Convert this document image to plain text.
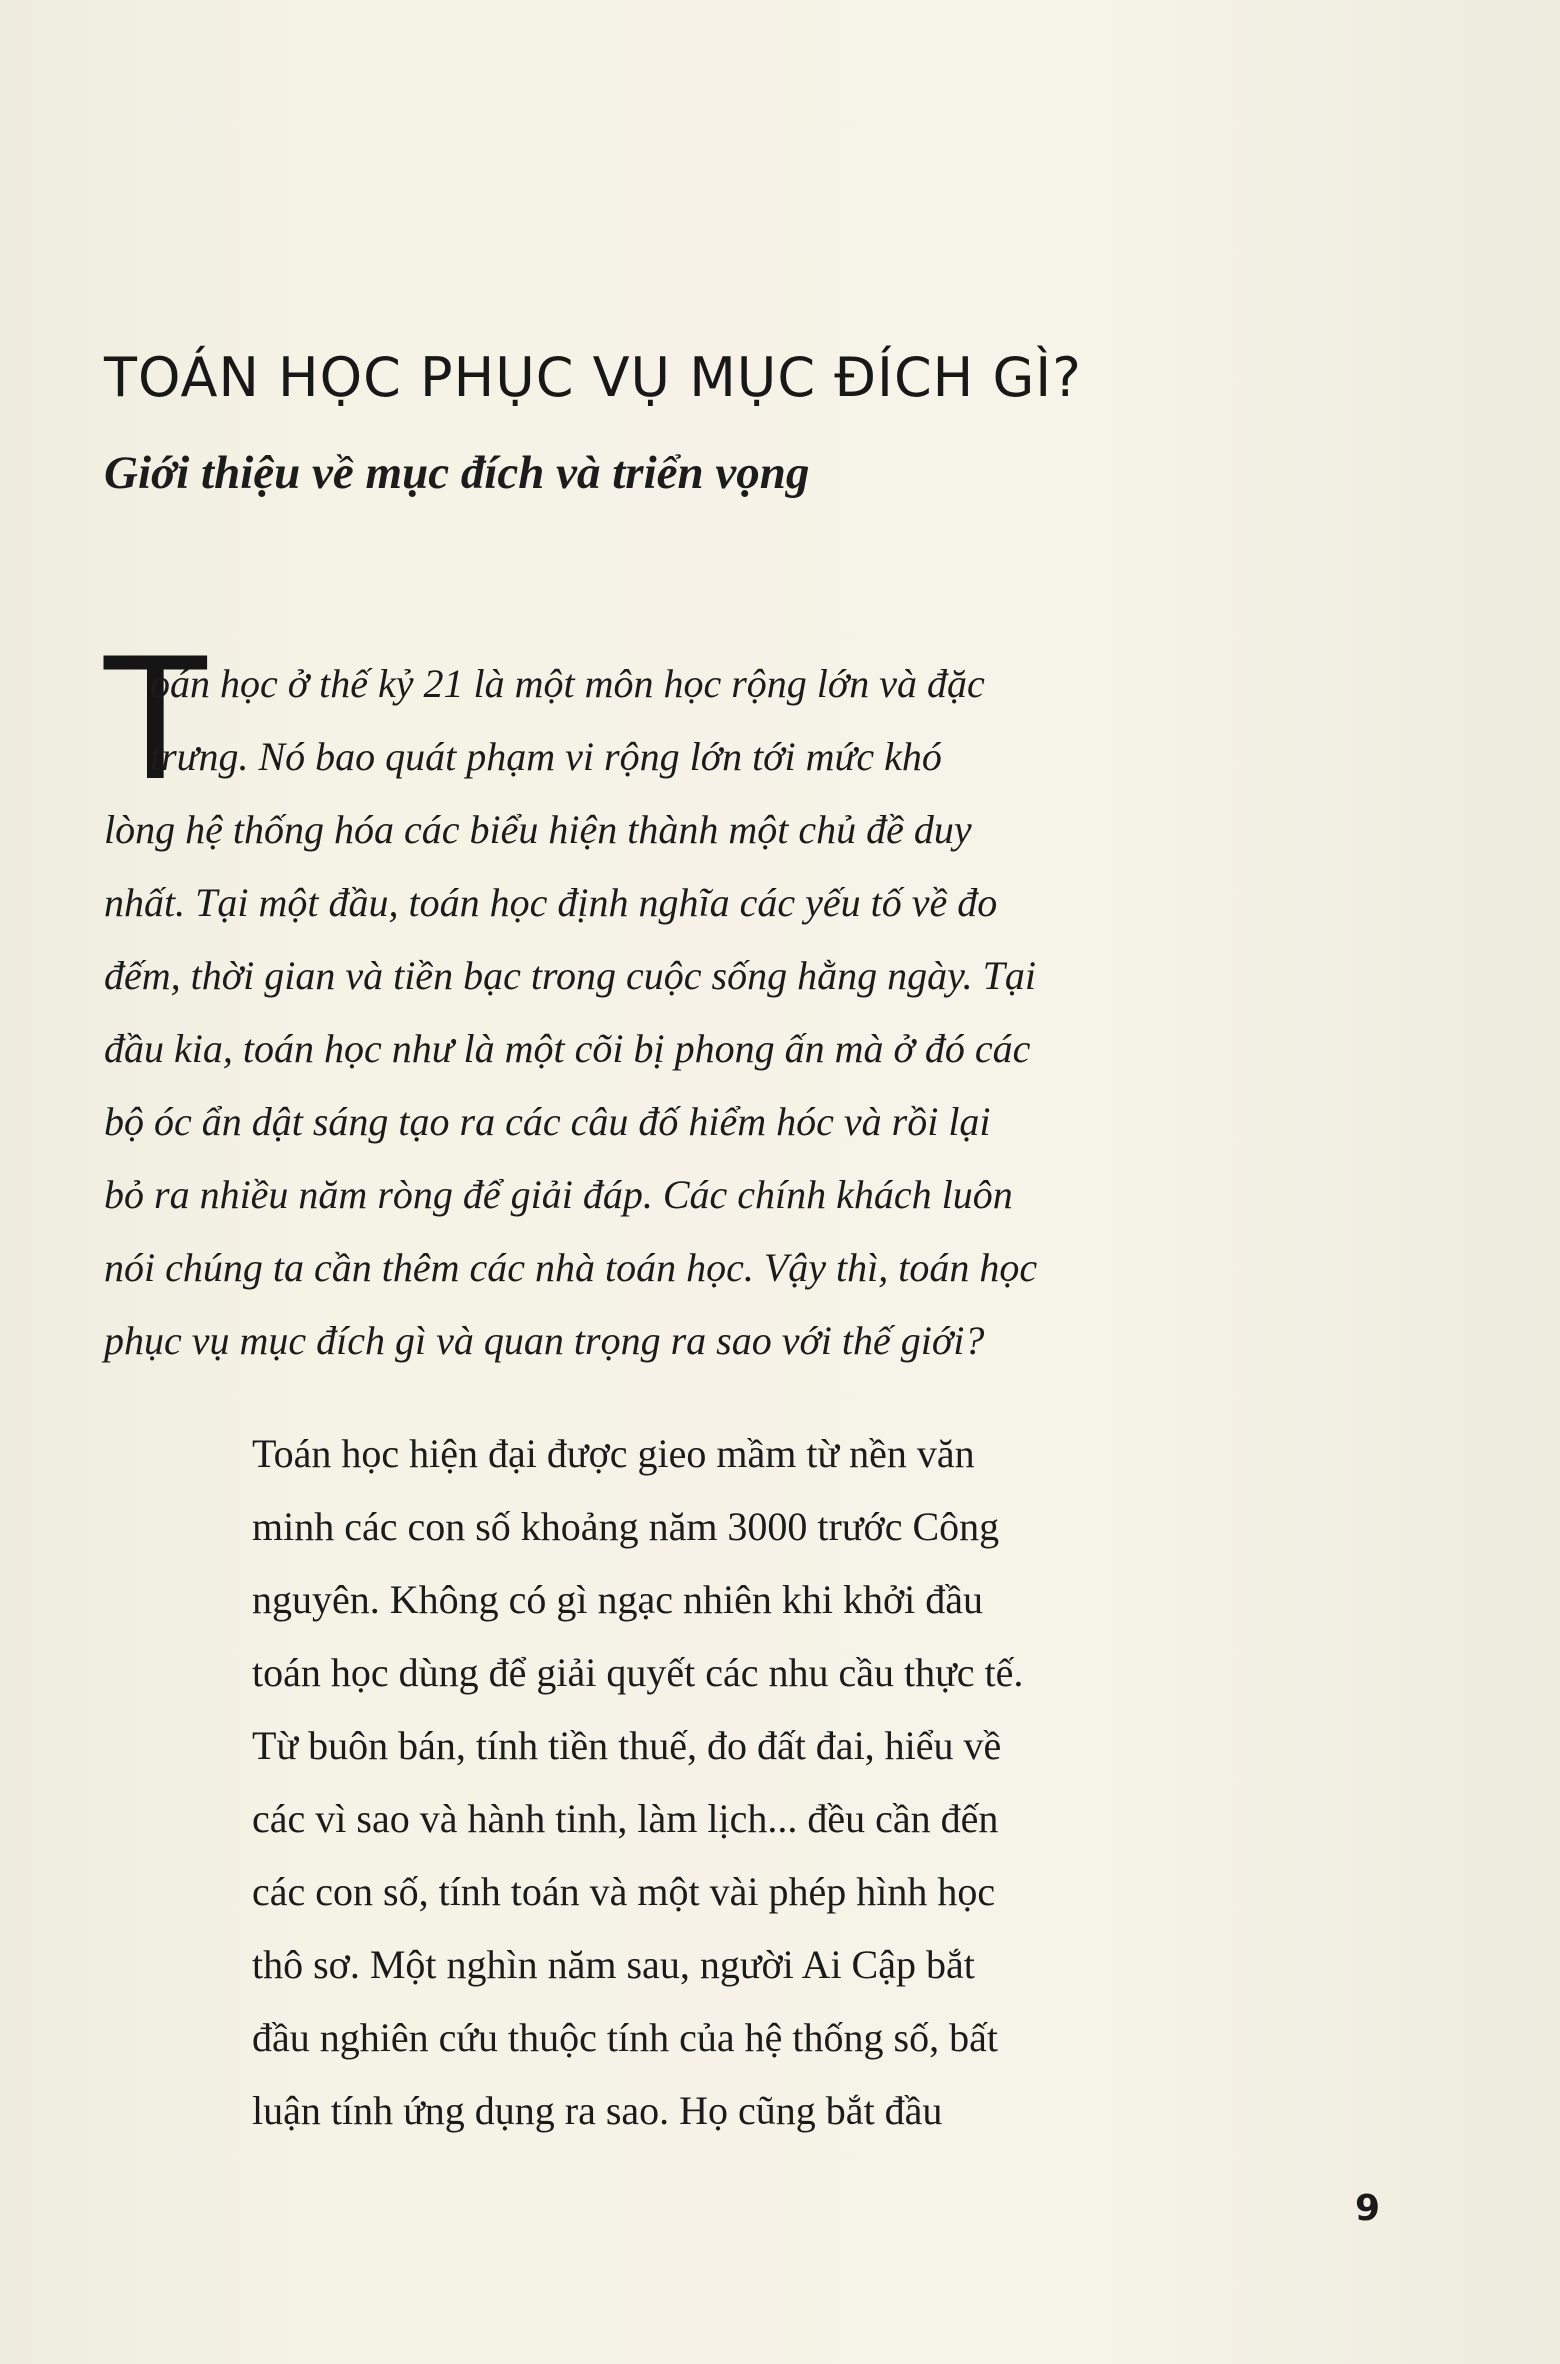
TOÁN HỌC PHỤC VỤ MỤC ĐÍCH GÌ?
Giới thiệu về mục đích và triển vọng
T
oán học ở thế kỷ 21 là một môn học rộng lớn và đặc
trưng. Nó bao quát phạm vi rộng lớn tới mức khó
lòng hệ thống hóa các biểu hiện thành một chủ đề duy
nhất. Tại một đầu, toán học định nghĩa các yếu tố về đo
đếm, thời gian và tiền bạc trong cuộc sống hằng ngày. Tại
đầu kia, toán học như là một cõi bị phong ấn mà ở đó các
bộ óc ẩn dật sáng tạo ra các câu đố hiểm hóc và rồi lại
bỏ ra nhiều năm ròng để giải đáp. Các chính khách luôn
nói chúng ta cần thêm các nhà toán học. Vậy thì, toán học
phục vụ mục đích gì và quan trọng ra sao với thế giới?
Toán học hiện đại được gieo mầm từ nền văn
minh các con số khoảng năm 3000 trước Công
nguyên. Không có gì ngạc nhiên khi khởi đầu
toán học dùng để giải quyết các nhu cầu thực tế.
Từ buôn bán, tính tiền thuế, đo đất đai, hiểu về
các vì sao và hành tinh, làm lịch... đều cần đến
các con số, tính toán và một vài phép hình học
thô sơ. Một nghìn năm sau, người Ai Cập bắt
đầu nghiên cứu thuộc tính của hệ thống số, bất
luận tính ứng dụng ra sao. Họ cũng bắt đầu
9
